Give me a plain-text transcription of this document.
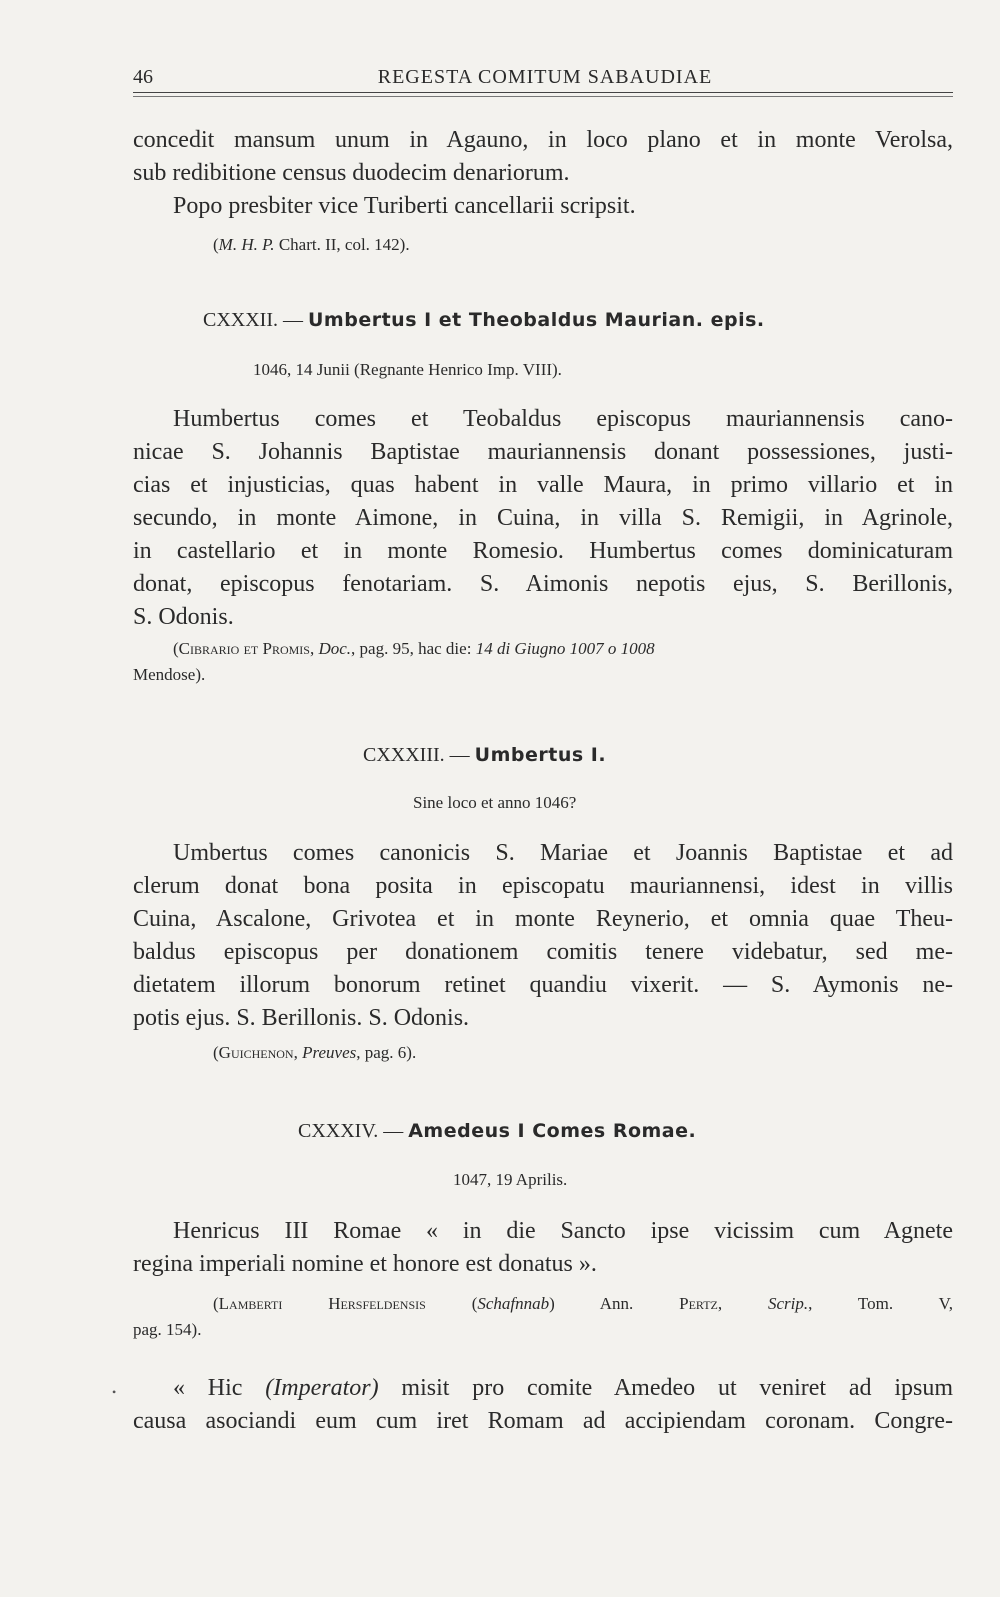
46	REGESTA COMITUM SABAUDIAE
concedit mansum unum in Agauno, in loco plano et in monte Verolsa,
sub redibitione census duodecim denariorum.
Popo presbiter vice Turiberti cancellarii scripsit.
(M. H. P. Chart. II, col. 142).
CXXXII. — Umbertus I et Theobaldus Maurian. epis.
1046, 14 Junii (Regnante Henrico Imp. VIII).
Humbertus comes et Teobaldus episcopus mauriannensis cano-
nicae S. Johannis Baptistae mauriannensis donant possessiones, justi-
cias et injusticias, quas habent in valle Maura, in primo villario et in
secundo, in monte Aimone, in Cuina, in villa S. Remigii, in Agrinole,
in castellario et in monte Romesio. Humbertus comes dominicaturam
donat, episcopus fenotariam. S. Aimonis nepotis ejus, S. Berillonis,
S. Odonis.
(Cibrario et Promis, Doc., pag. 95, hac die: 14 di Giugno 1007 o 1008
Mendose).
CXXXIII. — Umbertus I.
Sine loco et anno 1046?
Umbertus comes canonicis S. Mariae et Joannis Baptistae et ad
clerum donat bona posita in episcopatu mauriannensi, idest in villis
Cuina, Ascalone, Grivotea et in monte Reynerio, et omnia quae Theu-
baldus episcopus per donationem comitis tenere videbatur, sed me-
dietatem illorum bonorum retinet quandiu vixerit. — S. Aymonis ne-
potis ejus. S. Berillonis. S. Odonis.
(Guichenon, Preuves, pag. 6).
CXXXIV. — Amedeus I Comes Romae.
1047, 19 Aprilis.
Henricus III Romae « in die Sancto ipse vicissim cum Agnete
regina imperiali nomine et honore est donatus ».
(Lamberti Hersfeldensis (Schafnnab) Ann. Pertz, Scrip., Tom. V,
pag. 154).
« Hic (Imperator) misit pro comite Amedeo ut veniret ad ipsum
causa asociandi eum cum iret Romam ad accipiendam coronam. Congre-
•
